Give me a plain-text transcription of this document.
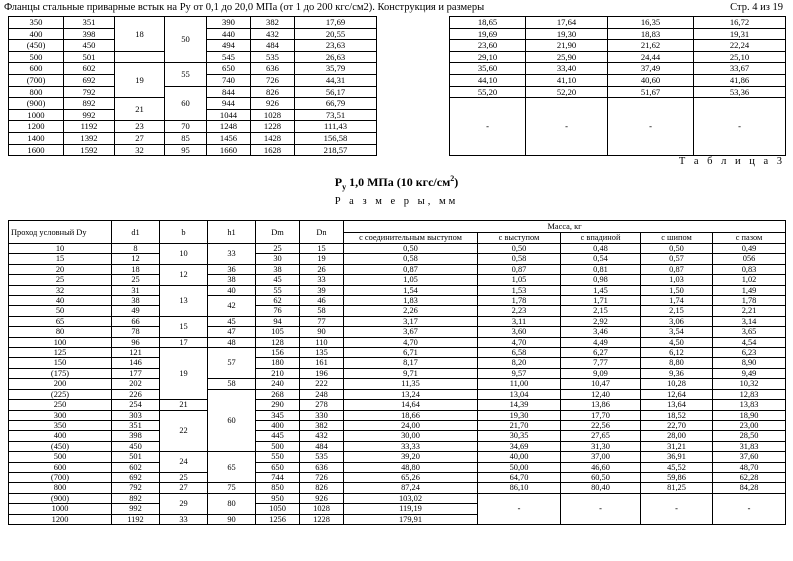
Фланцы стальные приварные встык на Ру от 0,1 до 20,0 МПа (от 1 до 200 кгс/см2). Конструкция и размеры	Стр. 4 из 19
350	351	18	50	390	382	17,69		18,65	17,64	16,35	16,72
400	398			440	432	20,55		19,69	19,30	18,83	19,31
(450)	450			494	484	23,63		23,60	21,90	21,62	22,24
500	501			545	535	26,63		29,10	25,90	24,44	25,10
600	602	19	55	650	636	35,79		35,60	33,40	37,49	33,67
(700)	692			740	726	44,31		44,10	41,10	40,60	41,86
800	792		60	844	826	56,17		55,20	52,20	51,67	53,36
(900)	892	21		944	926	66,79		-	-	-	-
1000	992			1044	1028	73,51					
1200	1192	23	70	1248	1228	111,43					
1400	1392	27	85	1456	1428	156,58					
1600	1592	32	95	1660	1628	218,57					
Т а б л и ц а 3
$P_y$ 1,0 МПа (10 кгс/$см^2$)
Р а з м е р ы, мм
Проход условный Dy	d1	b	h1	Dm	Dn	Масса, кг				
						с соединительным выступом	с выступом	с впадиной	с шипом	с пазом
10	8	10	33	25	15	0,50	0,50	0,48	0,50	0,49
15	12			30	19	0,58	0,58	0,54	0,57	056
20	18	12	36	38	26	0,87	0,87	0,81	0,87	0,83
25	25		38	45	33	1,05	1,05	0,98	1,03	1,02
32	31	13	40	55	39	1,54	1,53	1,45	1,50	1,49
40	38		42	62	46	1,83	1,78	1,71	1,74	1,78
50	49			76	58	2,26	2,23	2,15	2,15	2,21
65	66	15	45	94	77	3,17	3,11	2,92	3,06	3,14
80	78		47	105	90	3,67	3,60	3,46	3,54	3,65
100	96	17	48	128	110	4,70	4,70	4,49	4,50	4,54
125	121	19	57	156	135	6,71	6,58	6,27	6,12	6,23
150	146			180	161	8,17	8,20	7,77	8,80	8,90
(175)	177			210	196	9,71	9,57	9,09	9,36	9,49
200	202		58	240	222	11,35	11,00	10,47	10,28	10,32
(225)	226		60	268	248	13,24	13,04	12,40	12,64	12,83
250	254	21		290	278	14,64	14,39	13,86	13,64	13,83
300	303	22		345	330	18,66	19,30	17,70	18,52	18,90
350	351			400	382	24,00	21,70	22,56	22,70	23,00
400	398			445	432	30,00	30,35	27,65	28,00	28,50
(450)	450			500	484	33,33	34,69	31,30	31,21	31,83
500	501	24	65	550	535	39,20	40,00	37,00	36,91	37,60
600	602			650	636	48,80	50,00	46,60	45,52	48,70
(700)	692	25		744	726	65,26	64,70	60,50	59,86	62,28
800	792	27	75	850	826	87,24	86,10	80,40	81,25	84,28
(900)	892	29	80	950	926	103,02	-	-	-	-
1000	992			1050	1028	119,19				
1200	1192	33	90	1256	1228	179,91				
